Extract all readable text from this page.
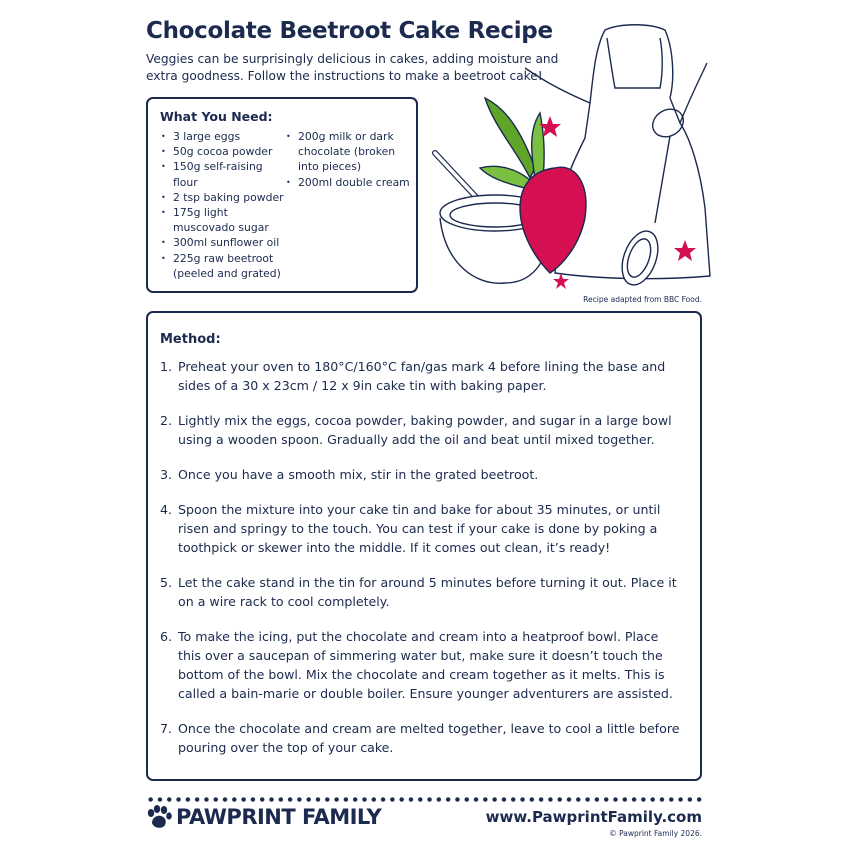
Chocolate Beetroot Cake Recipe
Veggies can be surprisingly delicious in cakes, adding moisture and extra goodness. Follow the instructions to make a beetroot cake!
What You Need:
• 3 large eggs
• 50g cocoa powder
• 150g self-raising flour
• 2 tsp baking powder
• 175g light muscovado sugar
• 300ml sunflower oil
• 225g raw beetroot (peeled and grated)
• 200g milk or dark chocolate (broken into pieces)
• 200ml double cream
Recipe adapted from BBC Food.
Method:
1. Preheat your oven to 180°C/160°C fan/gas mark 4 before lining the base and sides of a 30 x 23cm / 12 x 9in cake tin with baking paper.
2. Lightly mix the eggs, cocoa powder, baking powder, and sugar in a large bowl using a wooden spoon. Gradually add the oil and beat until mixed together.
3. Once you have a smooth mix, stir in the grated beetroot.
4. Spoon the mixture into your cake tin and bake for about 35 minutes, or until risen and springy to the touch. You can test if your cake is done by poking a toothpick or skewer into the middle. If it comes out clean, it’s ready!
5. Let the cake stand in the tin for around 5 minutes before turning it out. Place it on a wire rack to cool completely.
6. To make the icing, put the chocolate and cream into a heatproof bowl. Place this over a saucepan of simmering water but, make sure it doesn’t touch the bottom of the bowl. Mix the chocolate and cream together as it melts. This is called a bain-marie or double boiler. Ensure younger adventurers are assisted.
7. Once the chocolate and cream are melted together, leave to cool a little before pouring over the top of your cake.
PAWPRINT FAMILY	www.PawprintFamily.com
© Pawprint Family 2026.
